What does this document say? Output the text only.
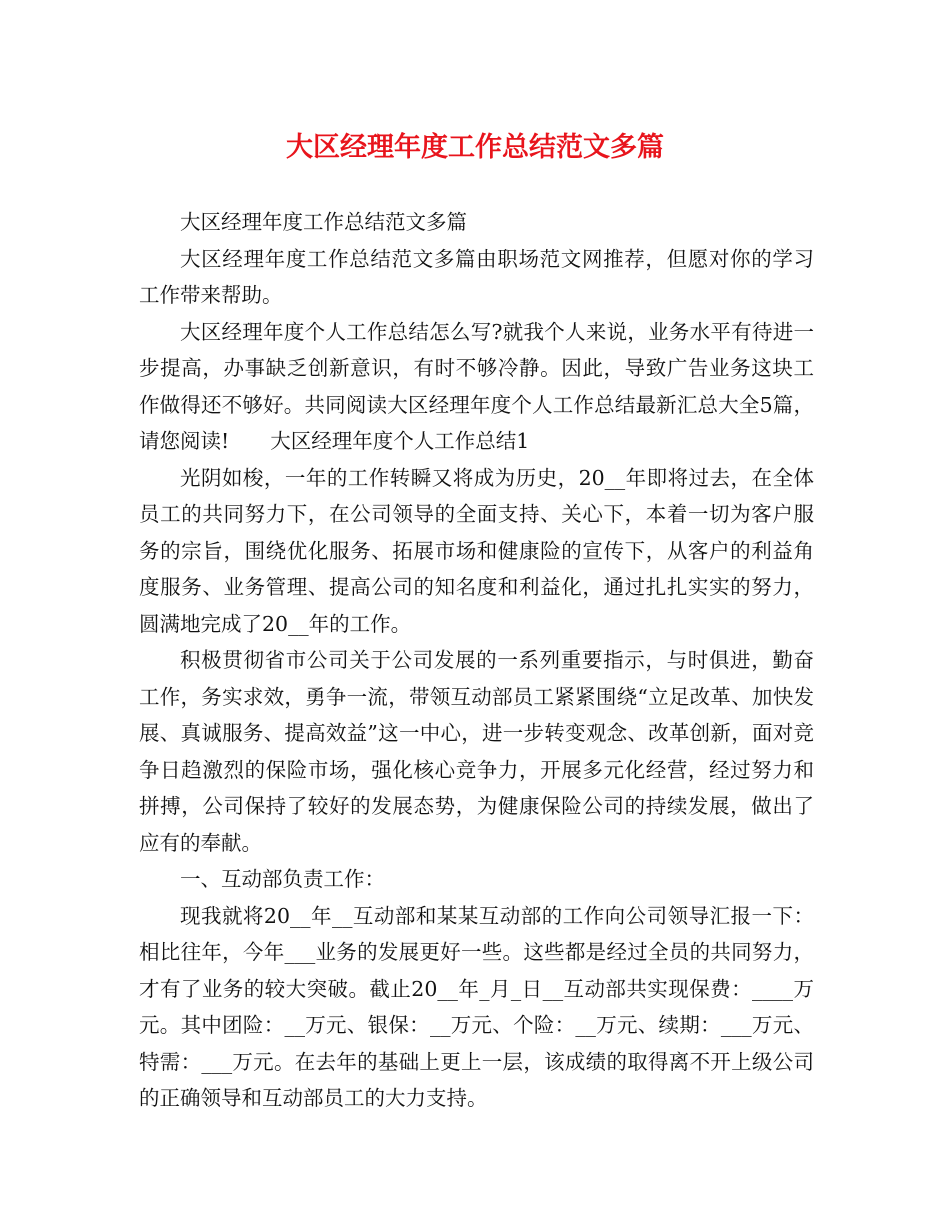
大区经理年度工作总结范文多篇

大区经理年度工作总结范文多篇

大区经理年度工作总结范文多篇由职场范文网推荐，但愿对你的学习工作带来帮助。

大区经理年度个人工作总结怎么写?就我个人来说，业务水平有待进一步提高，办事缺乏创新意识，有时不够冷静。因此，导致广告业务这块工作做得还不够好。共同阅读大区经理年度个人工作总结最新汇总大全5篇，请您阅读!　　大区经理年度个人工作总结1

光阴如梭，一年的工作转瞬又将成为历史，20__年即将过去，在全体员工的共同努力下，在公司领导的全面支持、关心下，本着一切为客户服务的宗旨，围绕优化服务、拓展市场和健康险的宣传下，从客户的利益角度服务、业务管理、提高公司的知名度和利益化，通过扎扎实实的努力，圆满地完成了20__年的工作。

积极贯彻省市公司关于公司发展的一系列重要指示，与时俱进，勤奋工作，务实求效，勇争一流，带领互动部员工紧紧围绕“立足改革、加快发展、真诚服务、提高效益”这一中心，进一步转变观念、改革创新，面对竞争日趋激烈的保险市场，强化核心竞争力，开展多元化经营，经过努力和拼搏，公司保持了较好的发展态势，为健康保险公司的持续发展，做出了应有的奉献。

一、互动部负责工作：

现我就将20__年__互动部和某某互动部的工作向公司领导汇报一下：相比往年，今年___业务的发展更好一些。这些都是经过全员的共同努力，才有了业务的较大突破。截止20__年_月_日__互动部共实现保费：____万元。其中团险：__万元、银保：__万元、个险：__万元、续期：___万元、特需：___万元。在去年的基础上更上一层，该成绩的取得离不开上级公司的正确领导和互动部员工的大力支持。
